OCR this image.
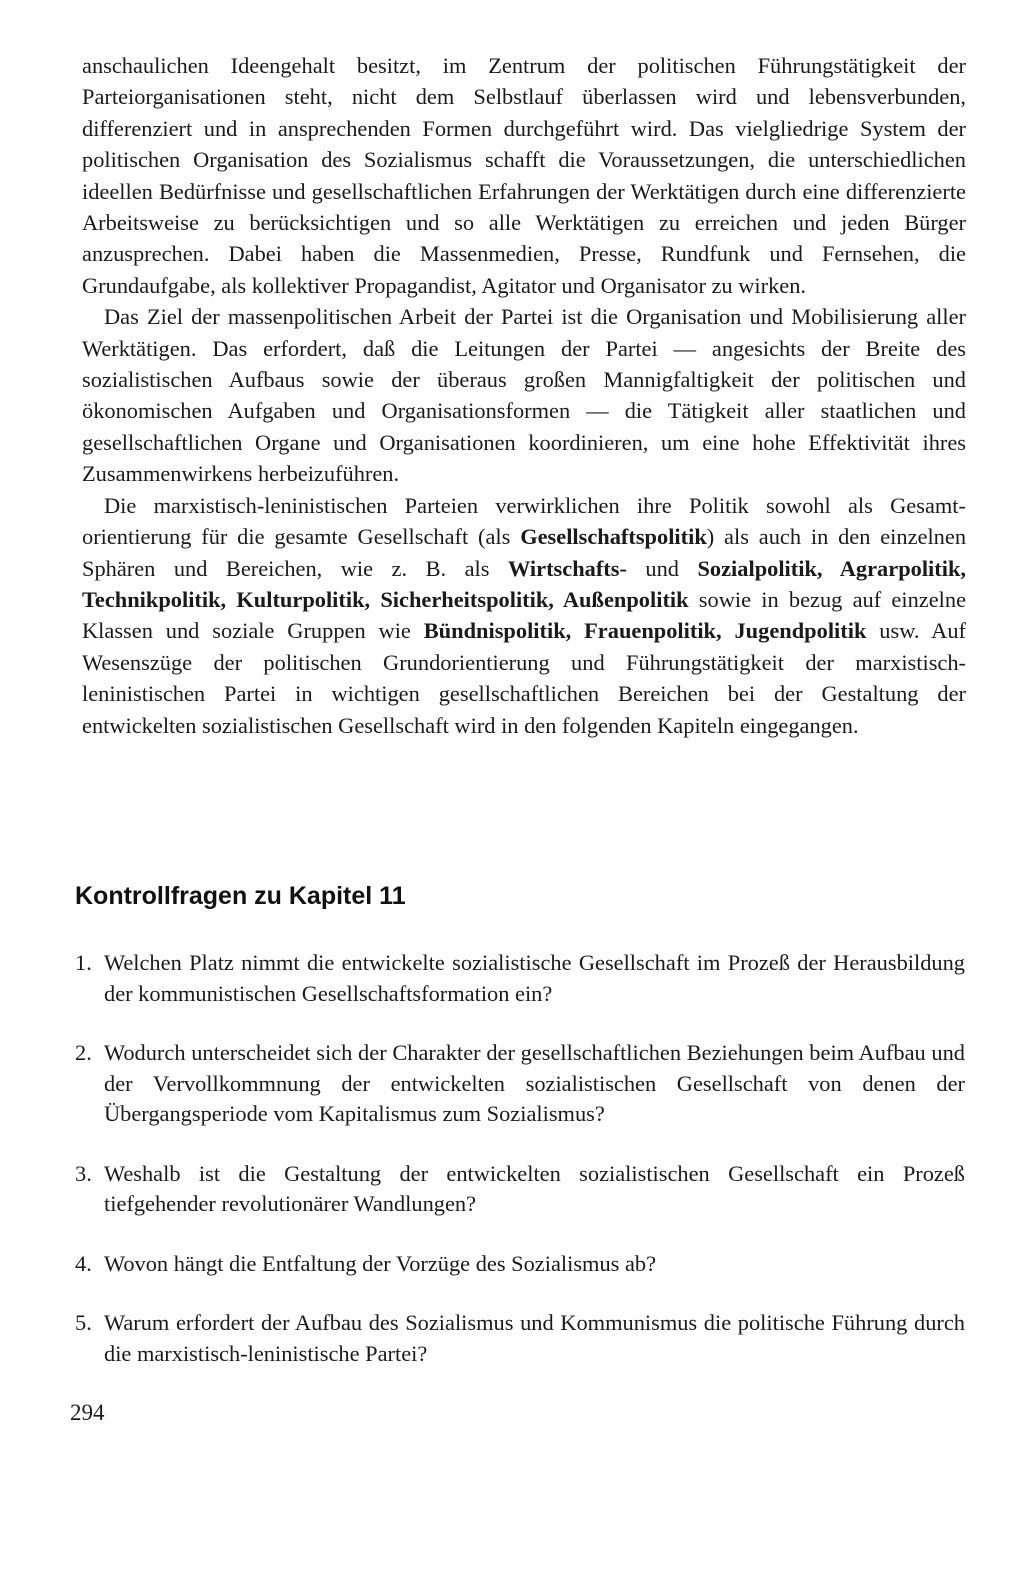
anschaulichen Ideengehalt besitzt, im Zentrum der politischen Führungstätigkeit der Parteiorganisationen steht, nicht dem Selbstlauf überlassen wird und lebensverbunden, differenziert und in ansprechenden Formen durchgeführt wird. Das vielgliedrige System der politischen Organisation des Sozialismus schafft die Voraussetzungen, die unterschiedlichen ideellen Bedürfnisse und gesellschaftlichen Erfahrungen der Werktätigen durch eine differenzierte Arbeitsweise zu berücksichtigen und so alle Werktätigen zu erreichen und jeden Bürger anzusprechen. Dabei haben die Massenmedien, Presse, Rundfunk und Fernsehen, die Grundaufgabe, als kollektiver Propagandist, Agitator und Organisator zu wirken.

Das Ziel der massenpolitischen Arbeit der Partei ist die Organisation und Mobilisierung aller Werktätigen. Das erfordert, daß die Leitungen der Partei — angesichts der Breite des sozialistischen Aufbaus sowie der überaus großen Mannigfaltigkeit der politischen und ökonomischen Aufgaben und Organisationsformen — die Tätigkeit aller staatlichen und gesellschaftlichen Organe und Organisationen koordinieren, um eine hohe Effektivität ihres Zusammenwirkens herbeizuführen.

Die marxistisch-leninistischen Parteien verwirklichen ihre Politik sowohl als Gesamtorientierung für die gesamte Gesellschaft (als Gesellschaftspolitik) als auch in den einzelnen Sphären und Bereichen, wie z. B. als Wirtschafts- und Sozialpolitik, Agrarpolitik, Technikpolitik, Kulturpolitik, Sicherheitspolitik, Außenpolitik sowie in bezug auf einzelne Klassen und soziale Gruppen wie Bündnispolitik, Frauenpolitik, Jugendpolitik usw. Auf Wesenszüge der politischen Grundorientierung und Führungstätigkeit der marxistisch-leninistischen Partei in wichtigen gesellschaftlichen Bereichen bei der Gestaltung der entwickelten sozialistischen Gesellschaft wird in den folgenden Kapiteln eingegangen.

Kontrollfragen zu Kapitel 11
1. Welchen Platz nimmt die entwickelte sozialistische Gesellschaft im Prozeß der Herausbildung der kommunistischen Gesellschaftsformation ein?
2. Wodurch unterscheidet sich der Charakter der gesellschaftlichen Beziehungen beim Aufbau und der Vervollkommnung der entwickelten sozialistischen Gesellschaft von denen der Übergangsperiode vom Kapitalismus zum Sozialismus?
3. Weshalb ist die Gestaltung der entwickelten sozialistischen Gesellschaft ein Prozeß tiefgehender revolutionärer Wandlungen?
4. Wovon hängt die Entfaltung der Vorzüge des Sozialismus ab?
5. Warum erfordert der Aufbau des Sozialismus und Kommunismus die politische Führung durch die marxistisch-leninistische Partei?
294
